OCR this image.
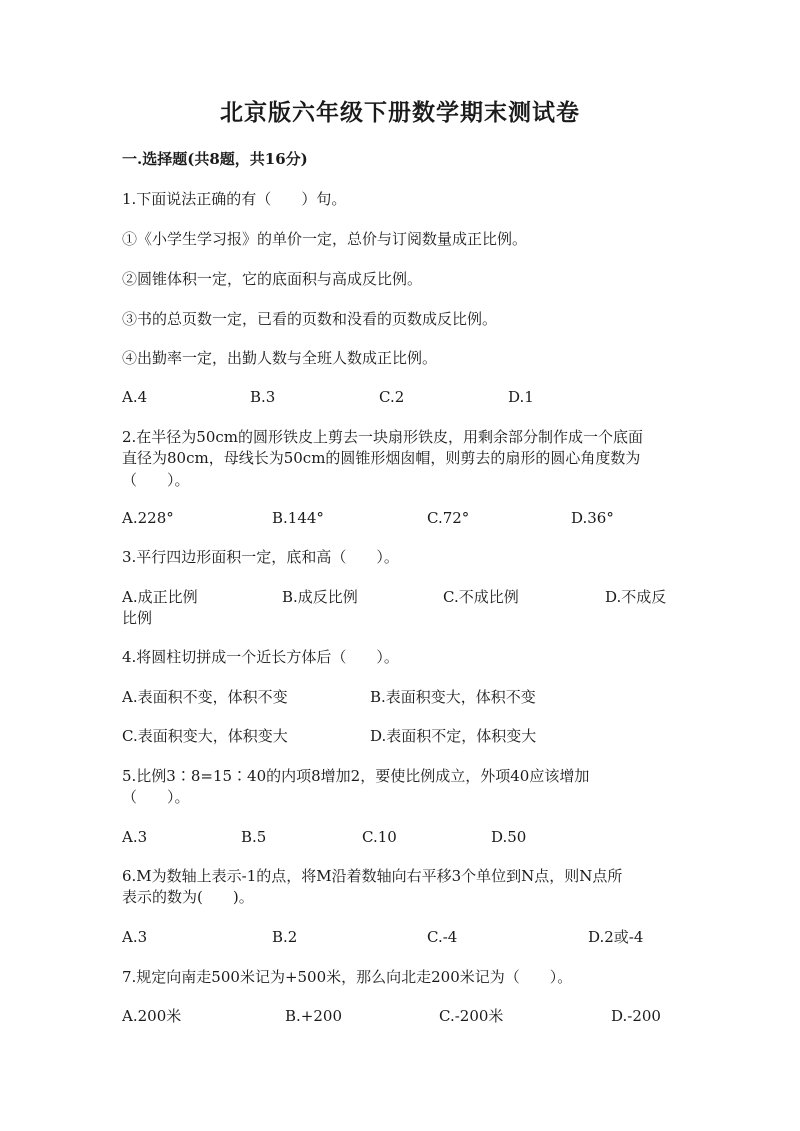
北京版六年级下册数学期末测试卷
一.选择题(共8题，共16分)
1.下面说法正确的有（　　）句。
①《小学生学习报》的单价一定，总价与订阅数量成正比例。
②圆锥体积一定，它的底面积与高成反比例。
③书的总页数一定，已看的页数和没看的页数成反比例。
④出勤率一定，出勤人数与全班人数成正比例。
A.4	B.3	C.2	D.1
2.在半径为50cm的圆形铁皮上剪去一块扇形铁皮，用剩余部分制作成一个底面
直径为80cm，母线长为50cm的圆锥形烟囱帽，则剪去的扇形的圆心角度数为
（　　）。
A.228°	B.144°	C.72°	D.36°
3.平行四边形面积一定，底和高（　　）。
A.成正比例	B.成反比例	C.不成比例	D.不成反
比例
4.将圆柱切拼成一个近长方体后（　　）。
A.表面积不变，体积不变	B.表面积变大，体积不变
C.表面积变大，体积变大	D.表面积不定，体积变大
5.比例3∶8=15∶40的内项8增加2，要使比例成立，外项40应该增加
（　　）。
A.3	B.5	C.10	D.50
6.M为数轴上表示-1的点，将M沿着数轴向右平移3个单位到N点，则N点所
表示的数为(　　)。
A.3	B.2	C.-4	D.2或-4
7.规定向南走500米记为+500米，那么向北走200米记为（　　）。
A.200米	B.+200	C.-200米	D.-200
